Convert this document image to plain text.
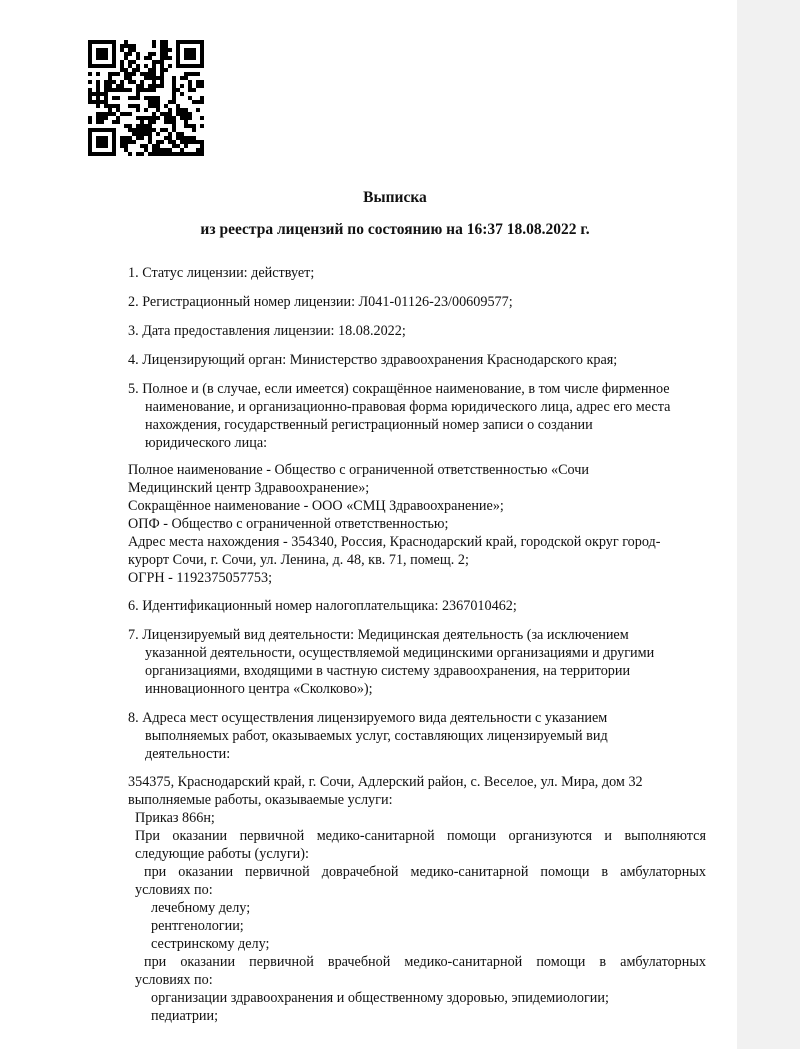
Выписка
из реестра лицензий по состоянию на 16:37 18.08.2022 г.
1. Статус лицензии: действует;
2. Регистрационный номер лицензии: Л041-01126-23/00609577;
3. Дата предоставления лицензии: 18.08.2022;
4. Лицензирующий орган: Министерство здравоохранения Краснодарского края;
5. Полное и (в случае, если имеется) сокращённое наименование, в том числе фирменное
наименование, и организационно-правовая форма юридического лица, адрес его места
нахождения, государственный регистрационный номер записи о создании
юридического лица:
Полное наименование - Общество с ограниченной ответственностью «Сочи
Медицинский центр Здравоохранение»;
Сокращённое наименование - ООО «СМЦ Здравоохранение»;
ОПФ - Общество с ограниченной ответственностью;
Адрес места нахождения - 354340, Россия, Краснодарский край, городской округ город-
курорт Сочи, г. Сочи, ул. Ленина, д. 48, кв. 71, помещ. 2;
ОГРН - 1192375057753;
6. Идентификационный номер налогоплательщика: 2367010462;
7. Лицензируемый вид деятельности: Медицинская деятельность (за исключением
указанной деятельности, осуществляемой медицинскими организациями и другими
организациями, входящими в частную систему здравоохранения, на территории
инновационного центра «Сколково»);
8. Адреса мест осуществления лицензируемого вида деятельности с указанием
выполняемых работ, оказываемых услуг, составляющих лицензируемый вид
деятельности:
354375, Краснодарский край, г. Сочи, Адлерский район, с. Веселое, ул. Мира, дом 32
выполняемые работы, оказываемые услуги:
Приказ 866н;
При оказании первичной медико-санитарной помощи организуются и выполняются
следующие работы (услуги):
при оказании первичной доврачебной медико-санитарной помощи в амбулаторных
условиях по:
лечебному делу;
рентгенологии;
сестринскому делу;
при оказании первичной врачебной медико-санитарной помощи в амбулаторных
условиях по:
организации здравоохранения и общественному здоровью, эпидемиологии;
педиатрии;
